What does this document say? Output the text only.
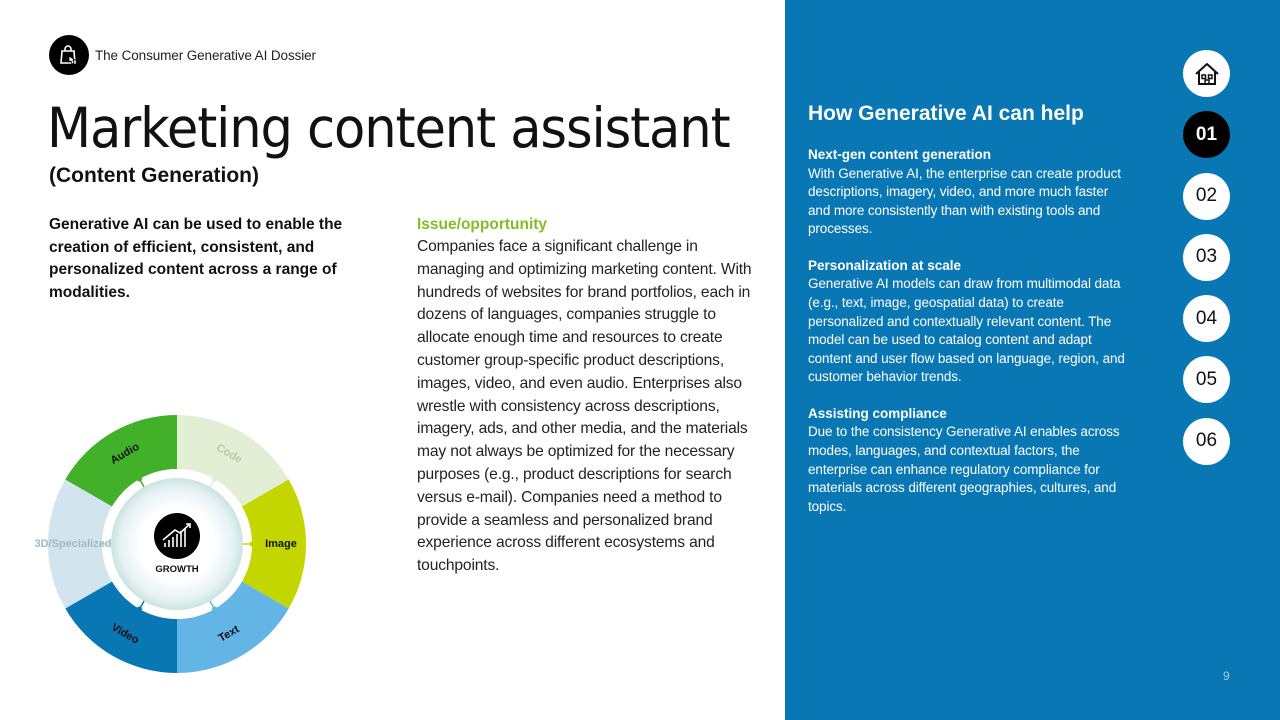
The Consumer Generative AI Dossier
Marketing content assistant
(Content Generation)
Generative AI can be used to enable the creation of efficient, consistent, and personalized content across a range of modalities.
Issue/opportunity
Companies face a significant challenge in managing and optimizing marketing content. With hundreds of websites for brand portfolios, each in dozens of languages, companies struggle to allocate enough time and resources to create customer group-specific product descriptions, images, video, and even audio. Enterprises also wrestle with consistency across descriptions, imagery, ads, and other media, and the materials may not always be optimized for the necessary purposes (e.g., product descriptions for search versus e-mail). Companies need a method to provide a seamless and personalized brand experience across different ecosystems and touchpoints.
GROWTH
Code
Image
Text
Video
3D/Specialized
Audio
How Generative AI can help
Next-gen content generation
With Generative AI, the enterprise can create product descriptions, imagery, video, and more much faster and more consistently than with existing tools and processes.
Personalization at scale
Generative AI models can draw from multimodal data (e.g., text, image, geospatial data) to create personalized and contextually relevant content. The model can be used to catalog content and adapt content and user flow based on language, region, and customer behavior trends.
Assisting compliance
Due to the consistency Generative AI enables across modes, languages, and contextual factors, the enterprise can enhance regulatory compliance for materials across different geographies, cultures, and topics.
01
02
03
04
05
06
9
